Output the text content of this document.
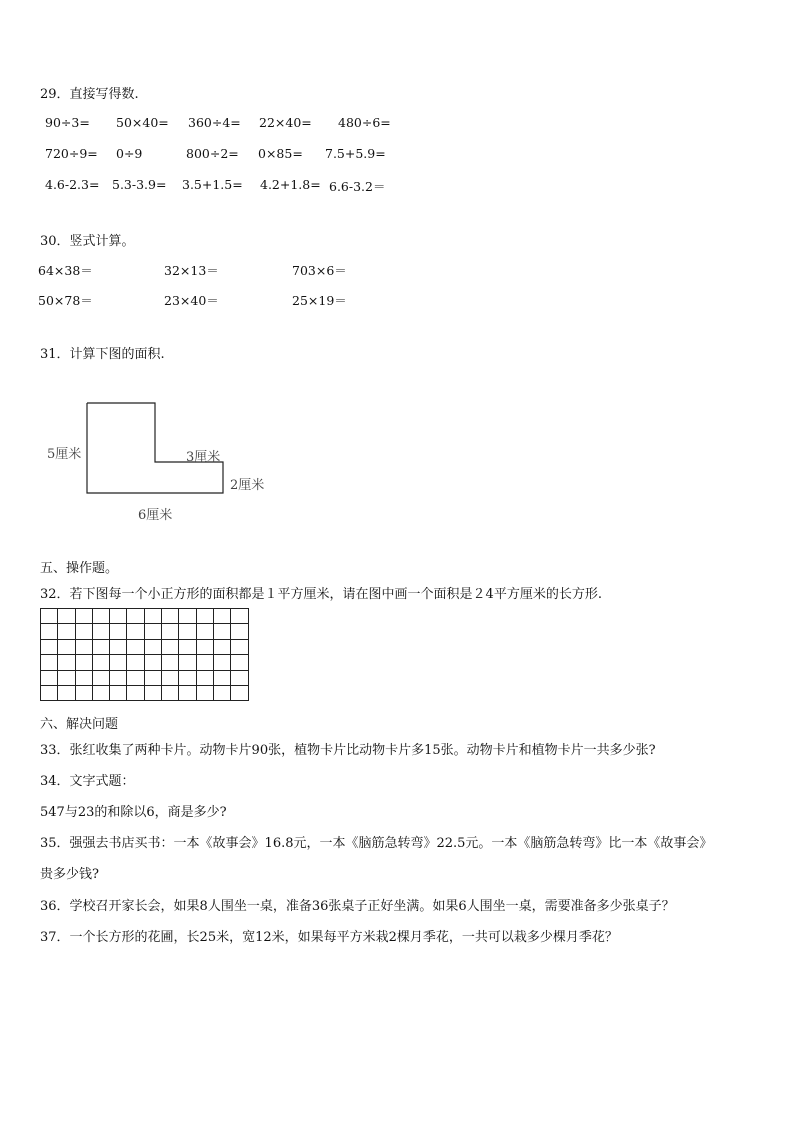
29．直接写得数.
90÷3= 50×40= 360÷4= 22×40= 480÷6=
720÷9= 0÷9	800÷2= 0×85= 7.5+5.9=
4.6-2.3= 5.3-3.9= 3.5+1.5= 4.2+1.8= 6.6-3.2＝
30．竖式计算。
64×38＝	32×13＝	703×6＝
50×78＝	23×40＝	25×19＝
31．计算下图的面积.
5厘米	3厘米
2厘米
6厘米
五、操作题。
32．若下图每一个小正方形的面积都是１平方厘米，请在图中画一个面积是２4平方厘米的长方形.

六、解决问题
33．张红收集了两种卡片。动物卡片90张，植物卡片比动物卡片多15张。动物卡片和植物卡片一共多少张?
34．文字式题：
547与23的和除以6，商是多少?
35．强强去书店买书：一本《故事会》16.8元，一本《脑筋急转弯》22.5元。一本《脑筋急转弯》比一本《故事会》
贵多少钱?
36．学校召开家长会，如果8人围坐一桌，准备36张桌子正好坐满。如果6人围坐一桌，需要准备多少张桌子？
37．一个长方形的花圃，长25米，宽12米，如果每平方米栽2棵月季花，一共可以栽多少棵月季花？
